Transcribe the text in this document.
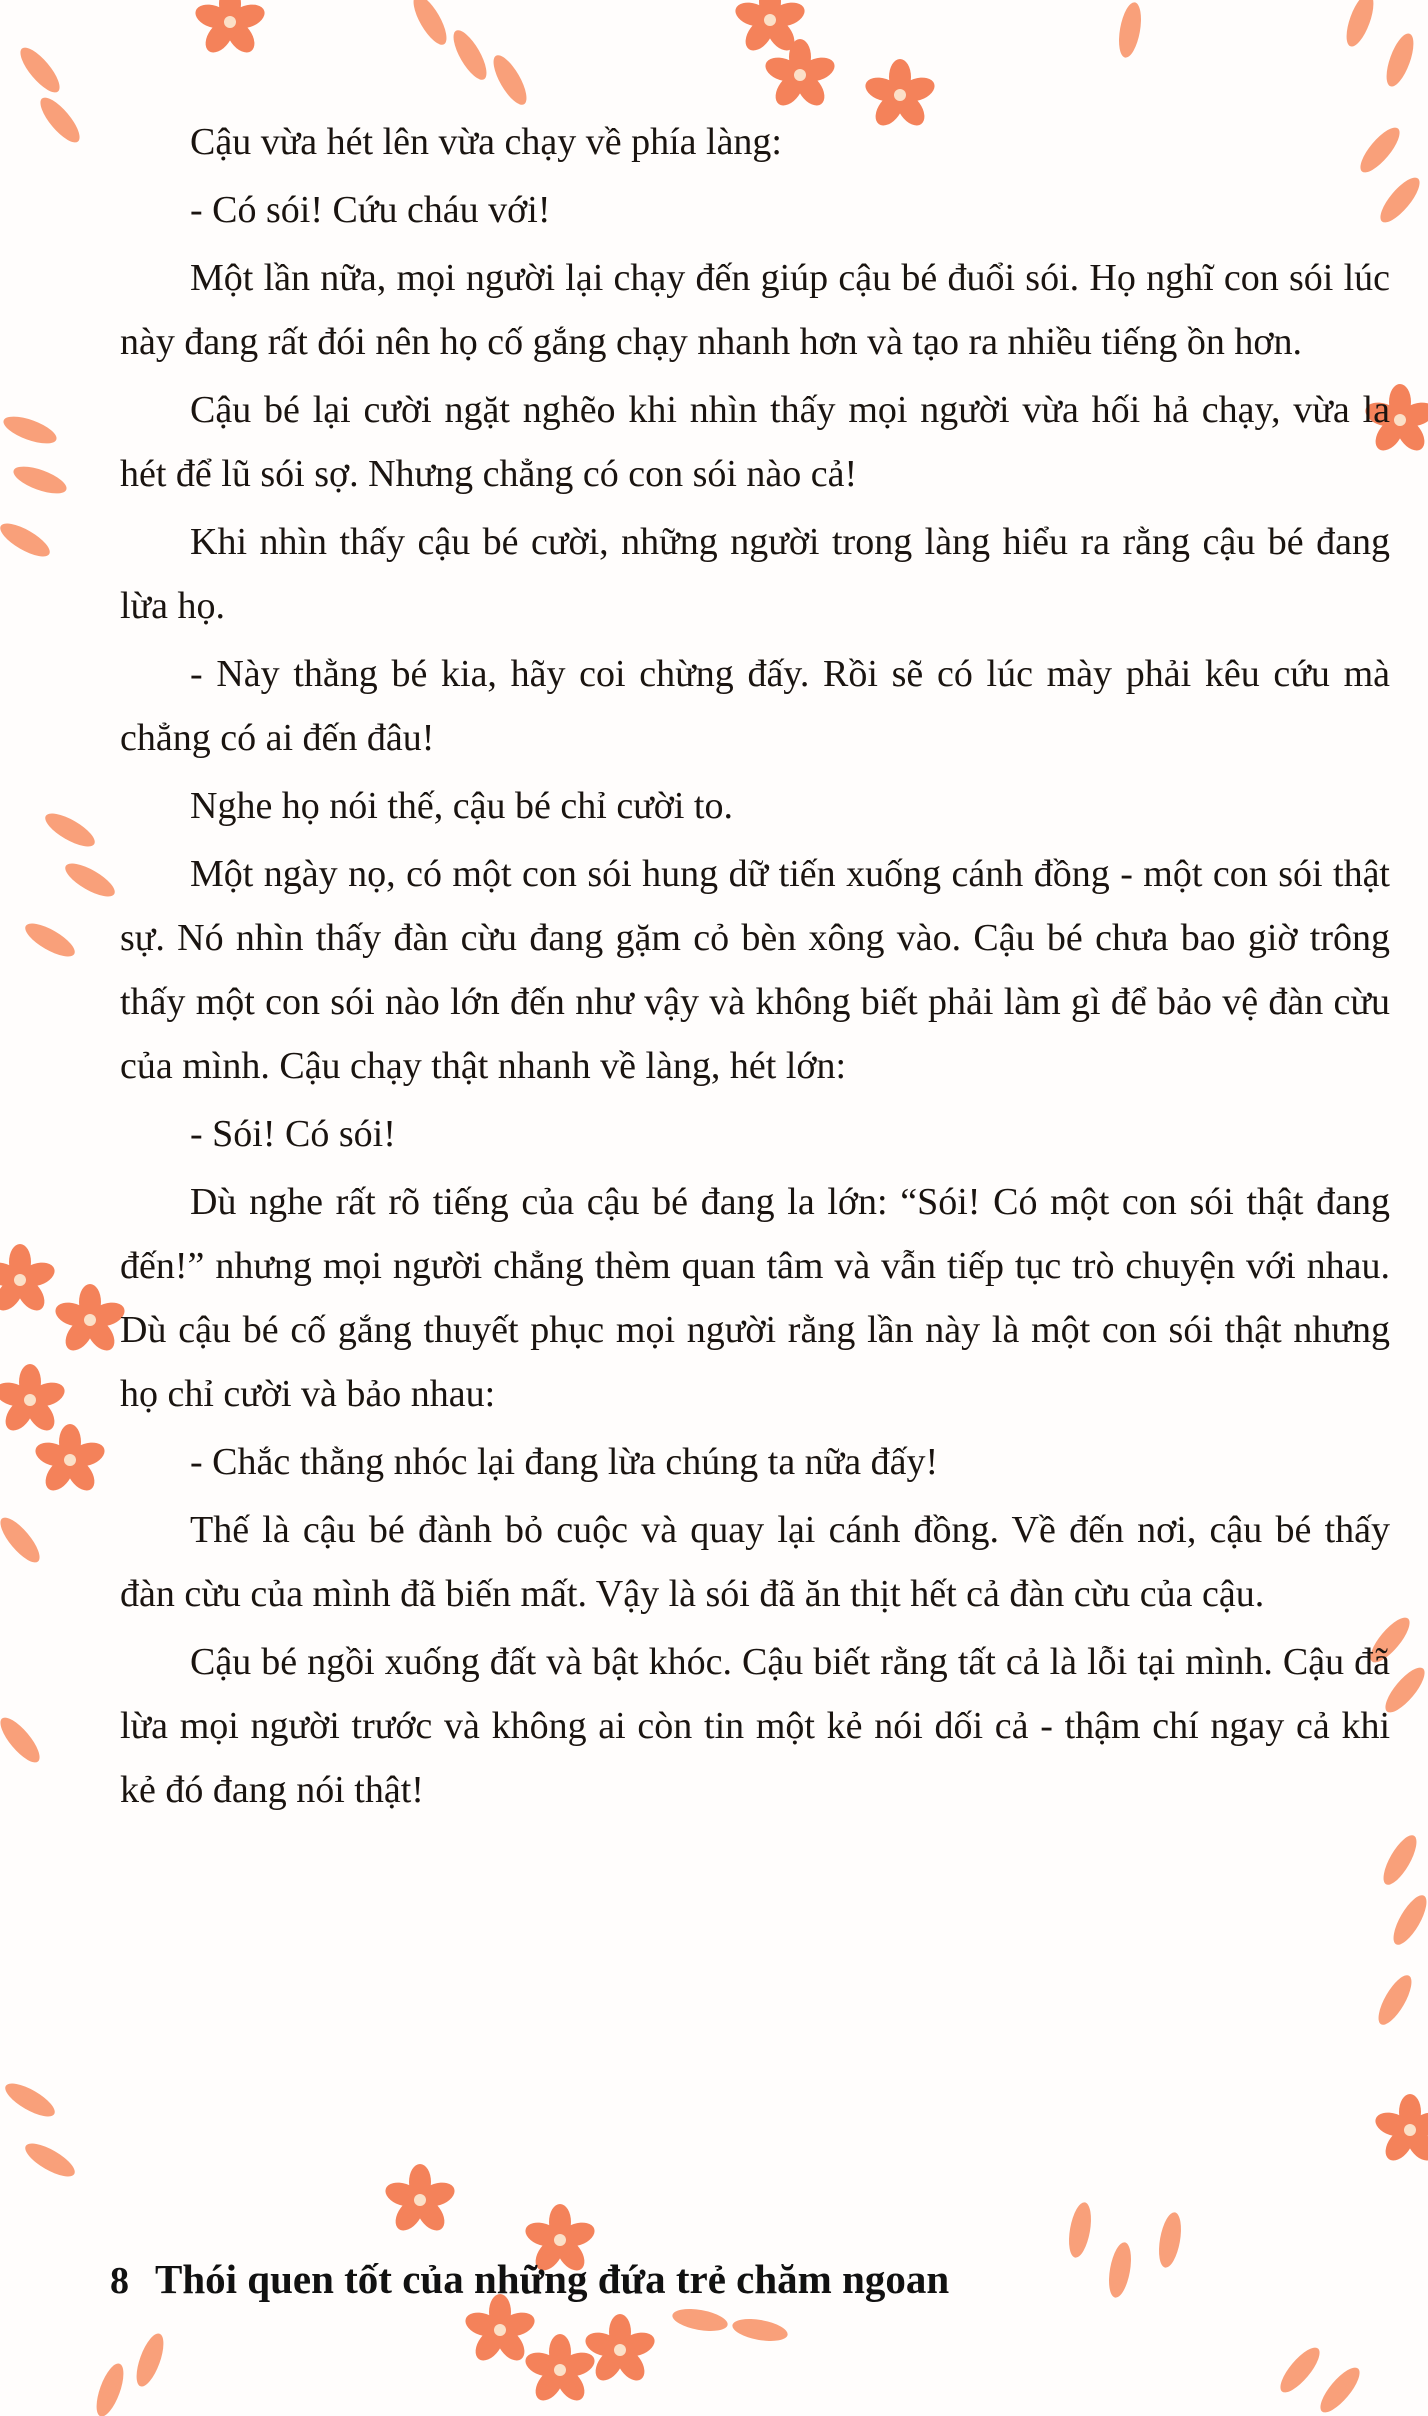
Cậu vừa hét lên vừa chạy về phía làng:

- Có sói! Cứu cháu với!

Một lần nữa, mọi người lại chạy đến giúp cậu bé đuổi sói. Họ nghĩ con sói lúc này đang rất đói nên họ cố gắng chạy nhanh hơn và tạo ra nhiều tiếng ồn hơn.

Cậu bé lại cười ngặt nghẽo khi nhìn thấy mọi người vừa hối hả chạy, vừa la hét để lũ sói sợ. Nhưng chẳng có con sói nào cả!

Khi nhìn thấy cậu bé cười, những người trong làng hiểu ra rằng cậu bé đang lừa họ.

- Này thằng bé kia, hãy coi chừng đấy. Rồi sẽ có lúc mày phải kêu cứu mà chẳng có ai đến đâu!

Nghe họ nói thế, cậu bé chỉ cười to.

Một ngày nọ, có một con sói hung dữ tiến xuống cánh đồng - một con sói thật sự. Nó nhìn thấy đàn cừu đang gặm cỏ bèn xông vào. Cậu bé chưa bao giờ trông thấy một con sói nào lớn đến như vậy và không biết phải làm gì để bảo vệ đàn cừu của mình. Cậu chạy thật nhanh về làng, hét lớn:

- Sói! Có sói!

Dù nghe rất rõ tiếng của cậu bé đang la lớn: “Sói! Có một con sói thật đang đến!” nhưng mọi người chẳng thèm quan tâm và vẫn tiếp tục trò chuyện với nhau. Dù cậu bé cố gắng thuyết phục mọi người rằng lần này là một con sói thật nhưng họ chỉ cười và bảo nhau:

- Chắc thằng nhóc lại đang lừa chúng ta nữa đấy!

Thế là cậu bé đành bỏ cuộc và quay lại cánh đồng. Về đến nơi, cậu bé thấy đàn cừu của mình đã biến mất. Vậy là sói đã ăn thịt hết cả đàn cừu của cậu.

Cậu bé ngồi xuống đất và bật khóc. Cậu biết rằng tất cả là lỗi tại mình. Cậu đã lừa mọi người trước và không ai còn tin một kẻ nói dối cả - thậm chí ngay cả khi kẻ đó đang nói thật!

8 Thói quen tốt của những đứa trẻ chăm ngoan
